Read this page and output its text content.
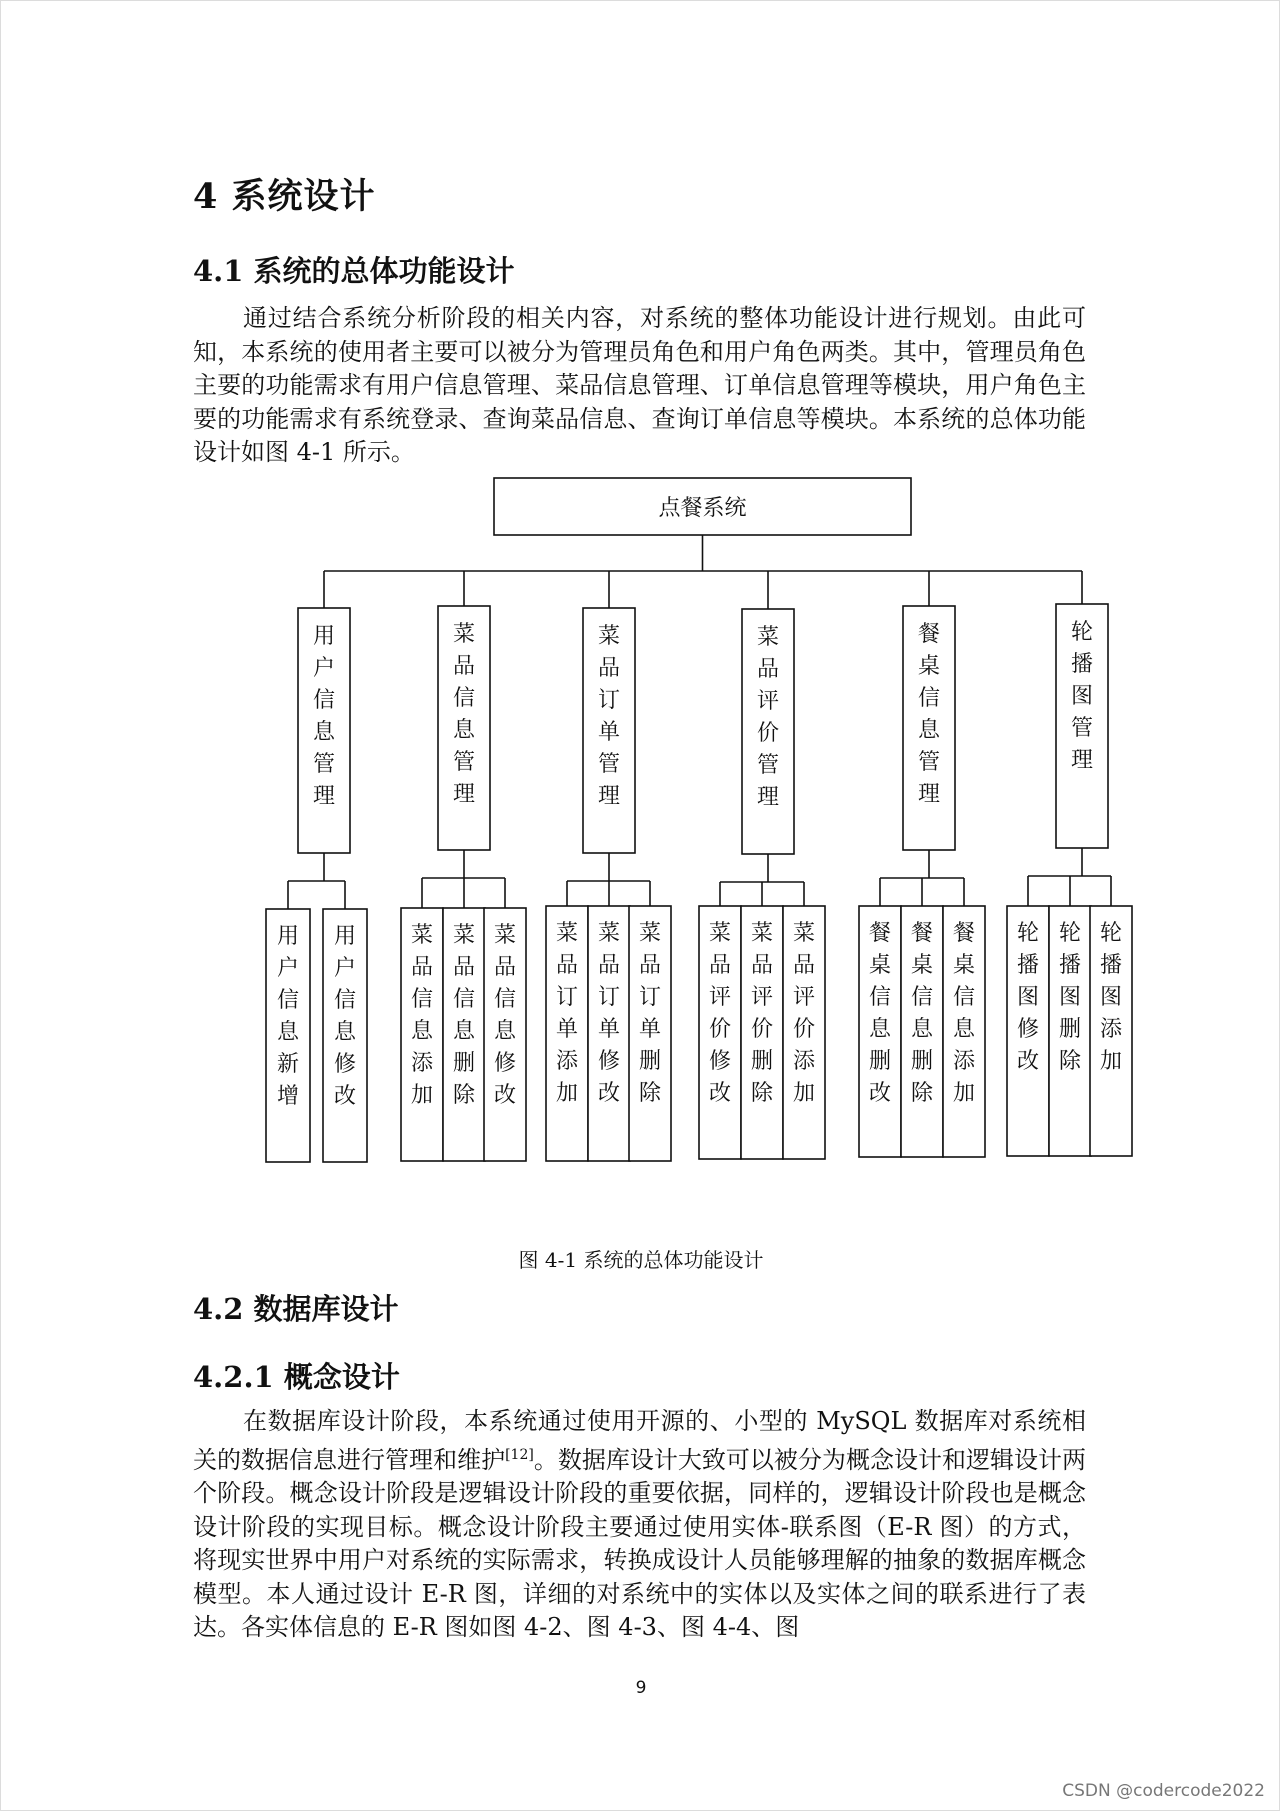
4 系统设计
4.1 系统的总体功能设计

通过结合系统分析阶段的相关内容，对系统的整体功能设计进行规划。由此可知，本系统的使用者主要可以被分为管理员角色和用户角色两类。其中，管理员角色主要的功能需求有用户信息管理、菜品信息管理、订单信息管理等模块，用户角色主要的功能需求有系统登录、查询菜品信息、查询订单信息等模块。本系统的总体功能设计如图 4-1 所示。

点餐系统
用
户
信
息
管
理
用
户
信
息
新
增
用
户
信
息
修
改
菜
品
信
息
管
理
菜
品
信
息
添
加
菜
品
信
息
删
除
菜
品
信
息
修
改
菜
品
订
单
管
理
菜
品
订
单
添
加
菜
品
订
单
修
改
菜
品
订
单
删
除
菜
品
评
价
管
理
菜
品
评
价
修
改
菜
品
评
价
删
除
菜
品
评
价
添
加
餐
桌
信
息
管
理
餐
桌
信
息
删
改
餐
桌
信
息
删
除
餐
桌
信
息
添
加
轮
播
图
管
理
轮
播
图
修
改
轮
播
图
删
除
轮
播
图
添
加
图 4-1 系统的总体功能设计
4.2 数据库设计
4.2.1 概念设计

在数据库设计阶段，本系统通过使用开源的、小型的 MySQL 数据库对系统相关的数据信息进行管理和维护[12]。数据库设计大致可以被分为概念设计和逻辑设计两个阶段。概念设计阶段是逻辑设计阶段的重要依据，同样的，逻辑设计阶段也是概念设计阶段的实现目标。概念设计阶段主要通过使用实体-联系图（E-R 图）的方式，将现实世界中用户对系统的实际需求，转换成设计人员能够理解的抽象的数据库概念模型。本人通过设计 E-R 图，详细的对系统中的实体以及实体之间的联系进行了表达。各实体信息的 E-R 图如图 4-2、图 4-3、图 4-4、图

9
CSDN @codercode2022
